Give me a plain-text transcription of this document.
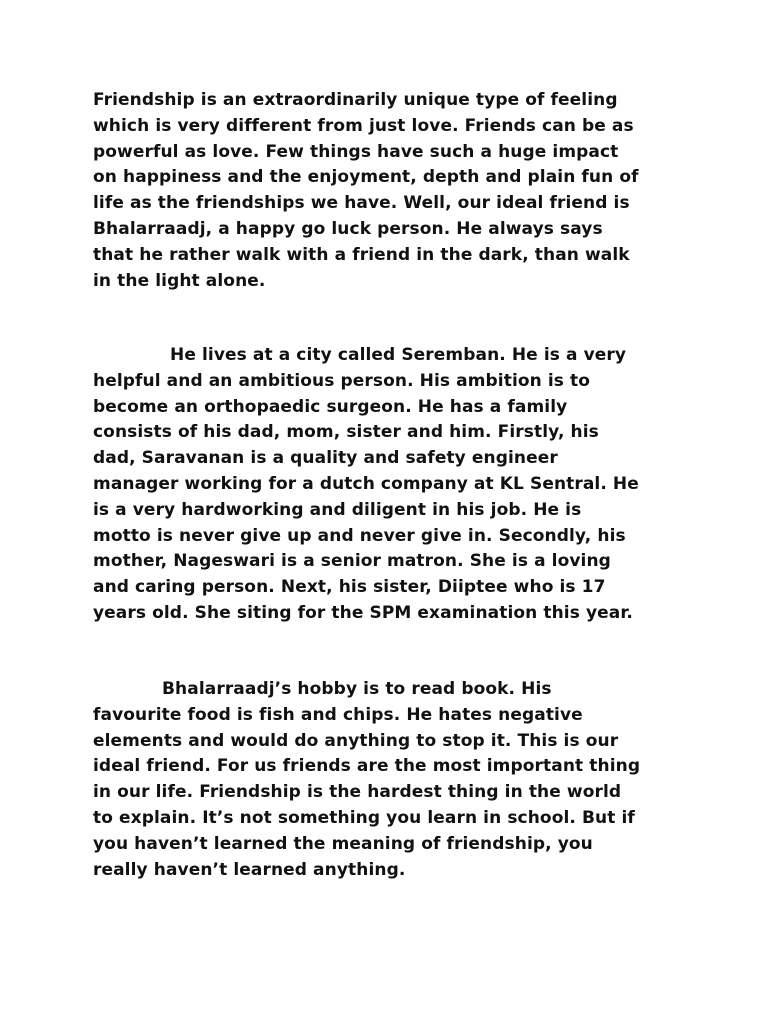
Friendship is an extraordinarily unique type of feeling
which is very different from just love. Friends can be as
powerful as love. Few things have such a huge impact
on happiness and the enjoyment, depth and plain fun of
life as the friendships we have. Well, our ideal friend is
Bhalarraadj, a happy go luck person. He always says
that he rather walk with a friend in the dark, than walk
in the light alone.

He lives at a city called Seremban. He is a very
helpful and an ambitious person. His ambition is to
become an orthopaedic surgeon. He has a family
consists of his dad, mom, sister and him. Firstly, his
dad, Saravanan is a quality and safety engineer
manager working for a dutch company at KL Sentral. He
is a very hardworking and diligent in his job. He is
motto is never give up and never give in. Secondly, his
mother, Nageswari is a senior matron. She is a loving
and caring person. Next, his sister, Diiptee who is 17
years old. She siting for the SPM examination this year.

Bhalarraadj’s hobby is to read book. His
favourite food is fish and chips. He hates negative
elements and would do anything to stop it. This is our
ideal friend. For us friends are the most important thing
in our life. Friendship is the hardest thing in the world
to explain. It’s not something you learn in school. But if
you haven’t learned the meaning of friendship, you
really haven’t learned anything.
